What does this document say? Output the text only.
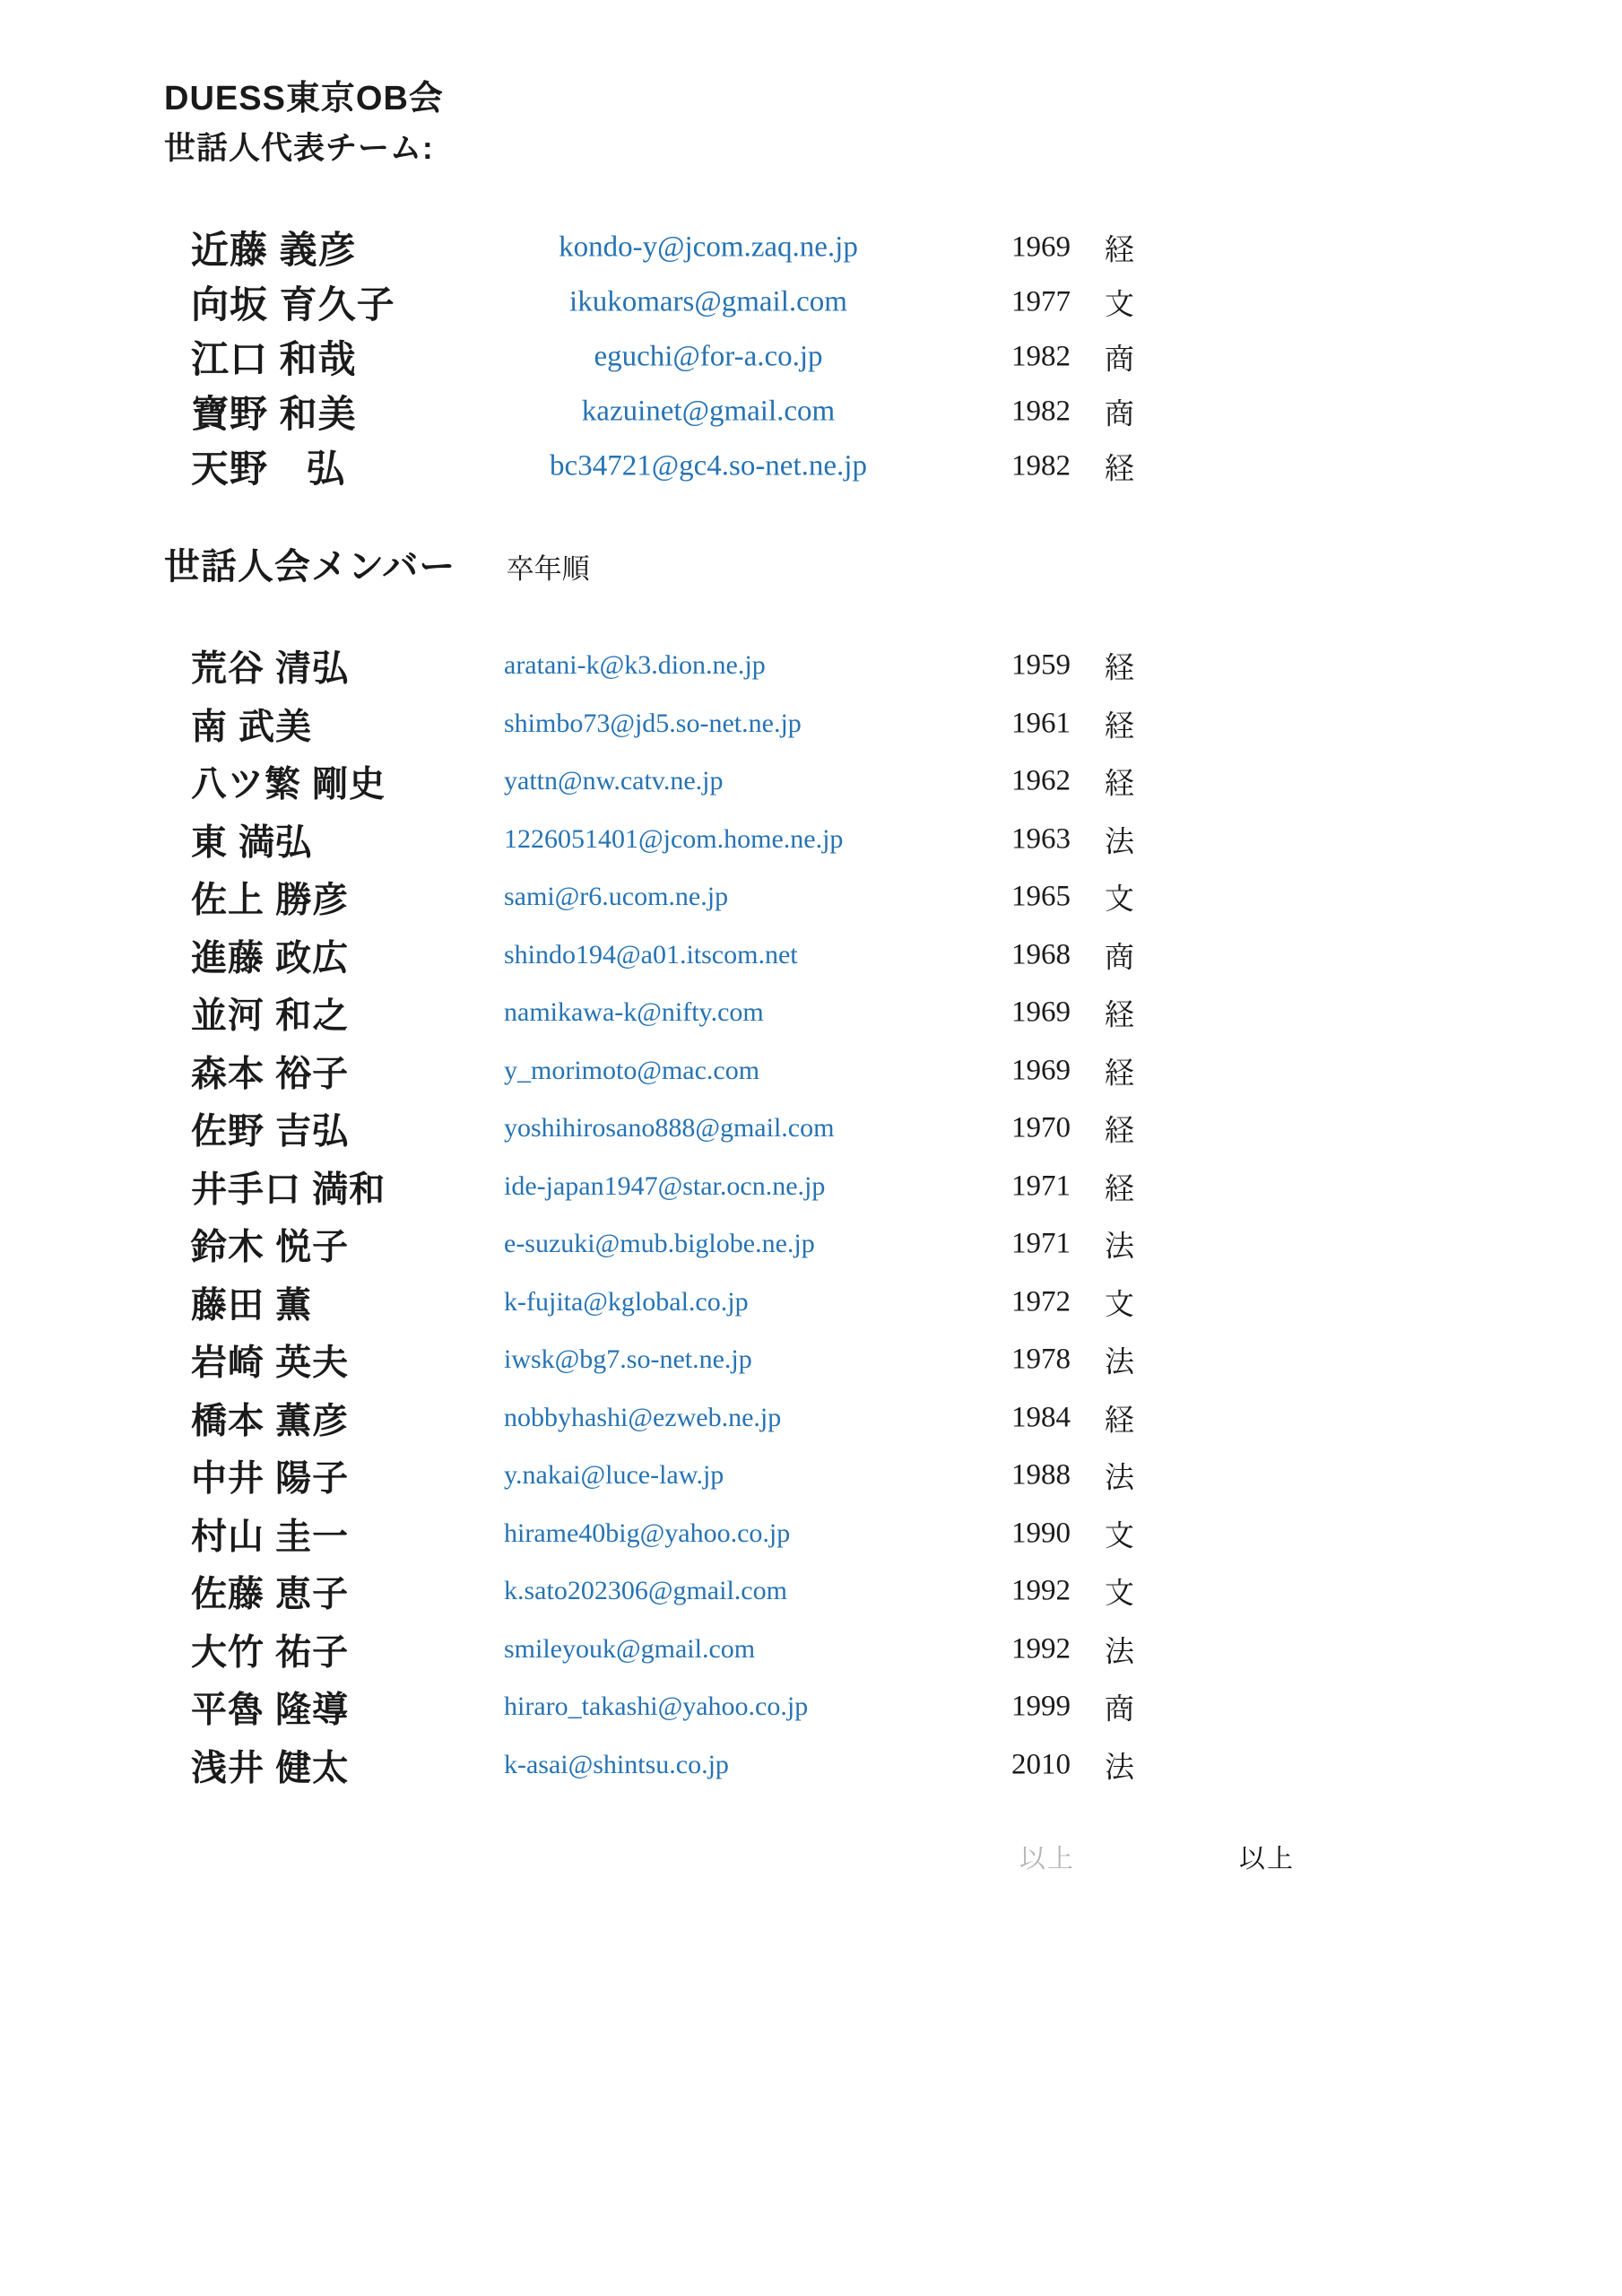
DUESS東京OB会
世話人代表チーム:
近藤 義彦	kondo-y@jcom.zaq.ne.jp	1969 経
向坂 育久子	ikukomars@gmail.com	1977 文
江口 和哉	eguchi@for-a.co.jp	1982 商
寶野 和美	kazuinet@gmail.com	1982 商
天野　弘	bc34721@gc4.so-net.ne.jp	1982 経
世話人会メンバー 卒年順
荒谷 清弘	aratani-k@k3.dion.ne.jp	1959 経
南 武美	shimbo73@jd5.so-net.ne.jp	1961 経
八ツ繁 剛史	yattn@nw.catv.ne.jp	1962 経
東 満弘	1226051401@jcom.home.ne.jp	1963 法
佐上 勝彦	sami@r6.ucom.ne.jp	1965 文
進藤 政広	shindo194@a01.itscom.net	1968 商
並河 和之	namikawa-k@nifty.com	1969 経
森本 裕子	y_morimoto@mac.com	1969 経
佐野 吉弘	yoshihirosano888@gmail.com	1970 経
井手口 満和	ide-japan1947@star.ocn.ne.jp	1971 経
鈴木 悦子	e-suzuki@mub.biglobe.ne.jp	1971 法
藤田 薫	k-fujita@kglobal.co.jp	1972 文
岩崎 英夫	iwsk@bg7.so-net.ne.jp	1978 法
橋本 薫彦	nobbyhashi@ezweb.ne.jp	1984 経
中井 陽子	y.nakai@luce-law.jp	1988 法
村山 圭一	hirame40big@yahoo.co.jp	1990 文
佐藤 恵子	k.sato202306@gmail.com	1992 文
大竹 祐子	smileyouk@gmail.com	1992 法
平魯 隆導	hiraro_takashi@yahoo.co.jp	1999 商
浅井 健太	k-asai@shintsu.co.jp	2010 法
以上	以上
